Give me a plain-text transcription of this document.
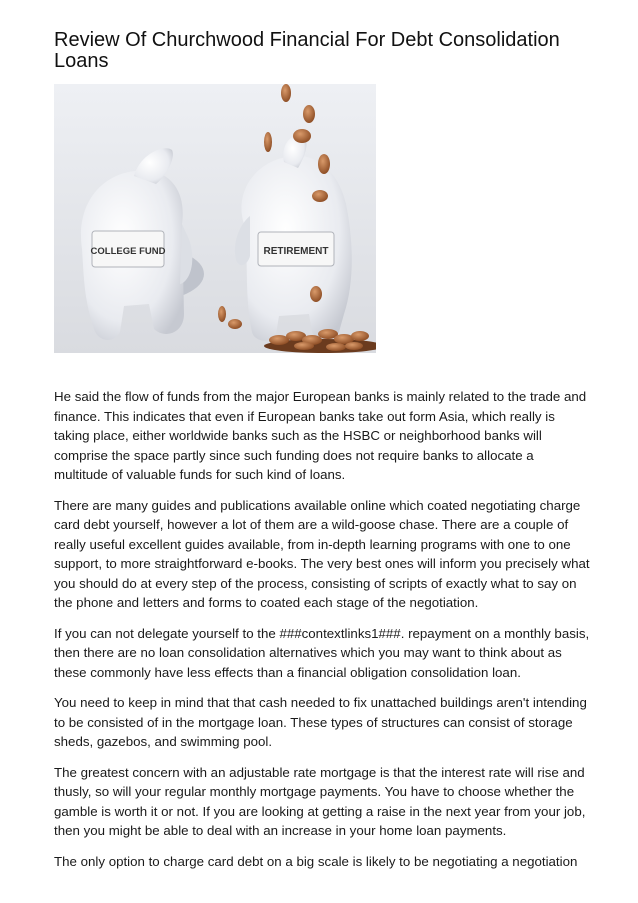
Review Of Churchwood Financial For Debt Consolidation Loans
COLLEGE FUND	RETIREMENT

He said the flow of funds from the major European banks is mainly related to the trade and finance. This indicates that even if European banks take out form Asia, which really is taking place, either worldwide banks such as the HSBC or neighborhood banks will comprise the space partly since such funding does not require banks to allocate a multitude of valuable funds for such kind of loans.

There are many guides and publications available online which coated negotiating charge card debt yourself, however a lot of them are a wild-goose chase. There are a couple of really useful excellent guides available, from in-depth learning programs with one to one support, to more straightforward e-books. The very best ones will inform you precisely what you should do at every step of the process, consisting of scripts of exactly what to say on the phone and letters and forms to coated each stage of the negotiation.

If you can not delegate yourself to the ###contextlinks1###. repayment on a monthly basis, then there are no loan consolidation alternatives which you may want to think about as these commonly have less effects than a financial obligation consolidation loan.

You need to keep in mind that that cash needed to fix unattached buildings aren't intending to be consisted of in the mortgage loan. These types of structures can consist of storage sheds, gazebos, and swimming pool.

The greatest concern with an adjustable rate mortgage is that the interest rate will rise and thusly, so will your regular monthly mortgage payments. You have to choose whether the gamble is worth it or not. If you are looking at getting a raise in the next year from your job, then you might be able to deal with an increase in your home loan payments.

The only option to charge card debt on a big scale is likely to be negotiating a negotiation
